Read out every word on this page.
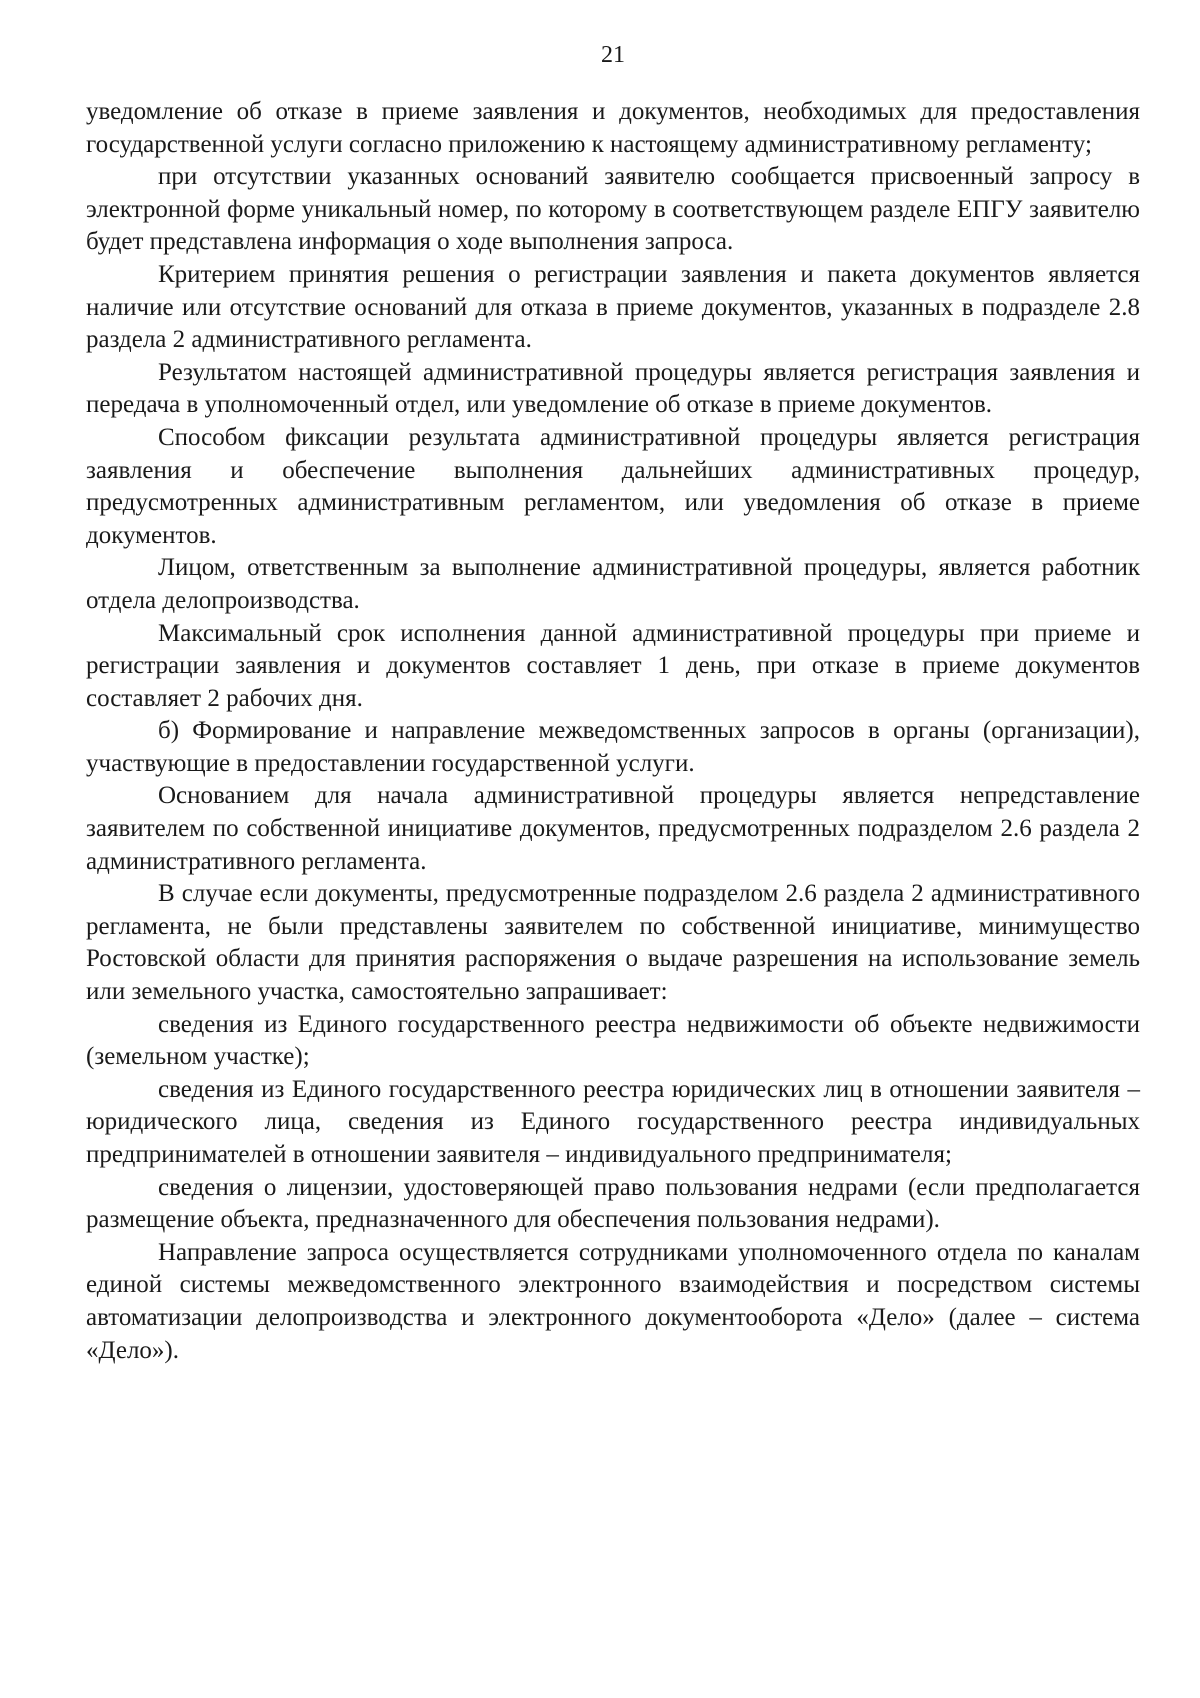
21

уведомление об отказе в приеме заявления и документов, необходимых для предоставления государственной услуги согласно приложению к настоящему административному регламенту;

при отсутствии указанных оснований заявителю сообщается присвоенный запросу в электронной форме уникальный номер, по которому в соответствующем разделе ЕПГУ заявителю будет представлена информация о ходе выполнения запроса.

Критерием принятия решения о регистрации заявления и пакета документов является наличие или отсутствие оснований для отказа в приеме документов, указанных в подразделе 2.8 раздела 2 административного регламента.

Результатом настоящей административной процедуры является регистрация заявления и передача в уполномоченный отдел, или уведомление об отказе в приеме документов.

Способом фиксации результата административной процедуры является регистрация заявления и обеспечение выполнения дальнейших административных процедур, предусмотренных административным регламентом, или уведомления об отказе в приеме документов.

Лицом, ответственным за выполнение административной процедуры, является работник отдела делопроизводства.

Максимальный срок исполнения данной административной процедуры при приеме и регистрации заявления и документов составляет 1 день, при отказе в приеме документов составляет 2 рабочих дня.

б) Формирование и направление межведомственных запросов в органы (организации), участвующие в предоставлении государственной услуги.

Основанием для начала административной процедуры является непредставление заявителем по собственной инициативе документов, предусмотренных подразделом 2.6 раздела 2 административного регламента.

В случае если документы, предусмотренные подразделом 2.6 раздела 2 административного регламента, не были представлены заявителем по собственной инициативе, минимущество Ростовской области для принятия распоряжения о выдаче разрешения на использование земель или земельного участка, самостоятельно запрашивает:

сведения из Единого государственного реестра недвижимости об объекте недвижимости (земельном участке);

сведения из Единого государственного реестра юридических лиц в отношении заявителя – юридического лица, сведения из Единого государственного реестра индивидуальных предпринимателей в отношении заявителя – индивидуального предпринимателя;

сведения о лицензии, удостоверяющей право пользования недрами (если предполагается размещение объекта, предназначенного для обеспечения пользования недрами).

Направление запроса осуществляется сотрудниками уполномоченного отдела по каналам единой системы межведомственного электронного взаимодействия и посредством системы автоматизации делопроизводства и электронного документооборота «Дело» (далее – система «Дело»).
